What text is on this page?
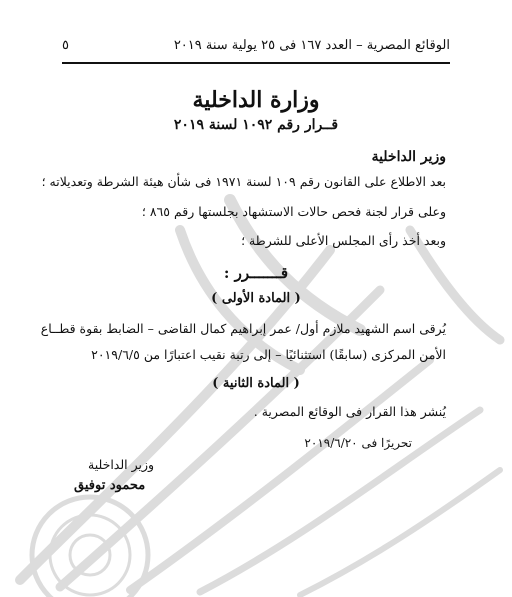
الوقائع المصرية – العدد ١٦٧ فى ٢٥ يولية سنة ٢٠١٩
٥
وزارة الداخلية
قــرار رقم ١٠٩٢ لسنة ٢٠١٩
وزير الداخلية
بعد الاطلاع على القانون رقم ١٠٩ لسنة ١٩٧١ فى شأن هيئة الشرطة وتعديلاته ؛
وعلى قرار لجنة فحص حالات الاستشهاد بجلستها رقم ٨٦٥ ؛
وبعد أخذ رأى المجلس الأعلى للشرطة ؛
قـــــــرر :
( المادة الأولى )
يُرقى اسم الشهيد ملازم أول/ عمر إبراهيم كمال القاضى – الضابط بقوة قطــاع
الأمن المركزى (سابقًا) استثنائيًا – إلى رتبة نقيب اعتبارًا من ٢٠١٩/٦/٥
( المادة الثانية )
يُنشر هذا القرار فى الوقائع المصرية .
تحريرًا فى ٢٠١٩/٦/٢٠
وزير الداخلية
محمود توفيق
